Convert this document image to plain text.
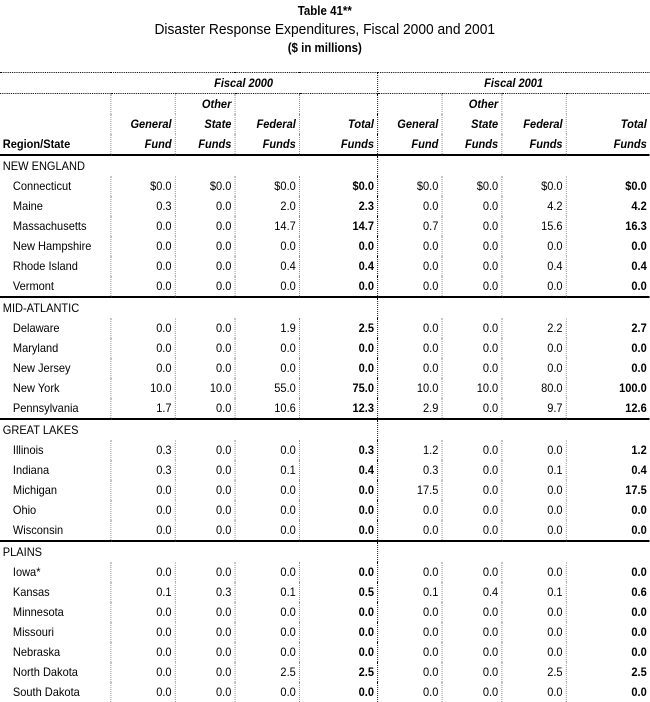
Table 41**
Disaster Response Expenditures, Fiscal 2000 and 2001
($ in millions)
	Fiscal 2000				Fiscal 2001			
		Other				Other		
	General	State	Federal	Total	General	State	Federal	Total
Region/State	Fund	Funds	Funds	Funds	Fund	Funds	Funds	Funds
NEW ENGLAND								
Connecticut	$0.0	$0.0	$0.0	$0.0	$0.0	$0.0	$0.0	$0.0
Maine	0.3	0.0	2.0	2.3	0.0	0.0	4.2	4.2
Massachusetts	0.0	0.0	14.7	14.7	0.7	0.0	15.6	16.3
New Hampshire	0.0	0.0	0.0	0.0	0.0	0.0	0.0	0.0
Rhode Island	0.0	0.0	0.4	0.4	0.0	0.0	0.4	0.4
Vermont	0.0	0.0	0.0	0.0	0.0	0.0	0.0	0.0
MID-ATLANTIC								
Delaware	0.0	0.0	1.9	2.5	0.0	0.0	2.2	2.7
Maryland	0.0	0.0	0.0	0.0	0.0	0.0	0.0	0.0
New Jersey	0.0	0.0	0.0	0.0	0.0	0.0	0.0	0.0
New York	10.0	10.0	55.0	75.0	10.0	10.0	80.0	100.0
Pennsylvania	1.7	0.0	10.6	12.3	2.9	0.0	9.7	12.6
GREAT LAKES								
Illinois	0.3	0.0	0.0	0.3	1.2	0.0	0.0	1.2
Indiana	0.3	0.0	0.1	0.4	0.3	0.0	0.1	0.4
Michigan	0.0	0.0	0.0	0.0	17.5	0.0	0.0	17.5
Ohio	0.0	0.0	0.0	0.0	0.0	0.0	0.0	0.0
Wisconsin	0.0	0.0	0.0	0.0	0.0	0.0	0.0	0.0
PLAINS								
Iowa*	0.0	0.0	0.0	0.0	0.0	0.0	0.0	0.0
Kansas	0.1	0.3	0.1	0.5	0.1	0.4	0.1	0.6
Minnesota	0.0	0.0	0.0	0.0	0.0	0.0	0.0	0.0
Missouri	0.0	0.0	0.0	0.0	0.0	0.0	0.0	0.0
Nebraska	0.0	0.0	0.0	0.0	0.0	0.0	0.0	0.0
North Dakota	0.0	0.0	2.5	2.5	0.0	0.0	2.5	2.5
South Dakota	0.0	0.0	0.0	0.0	0.0	0.0	0.0	0.0
